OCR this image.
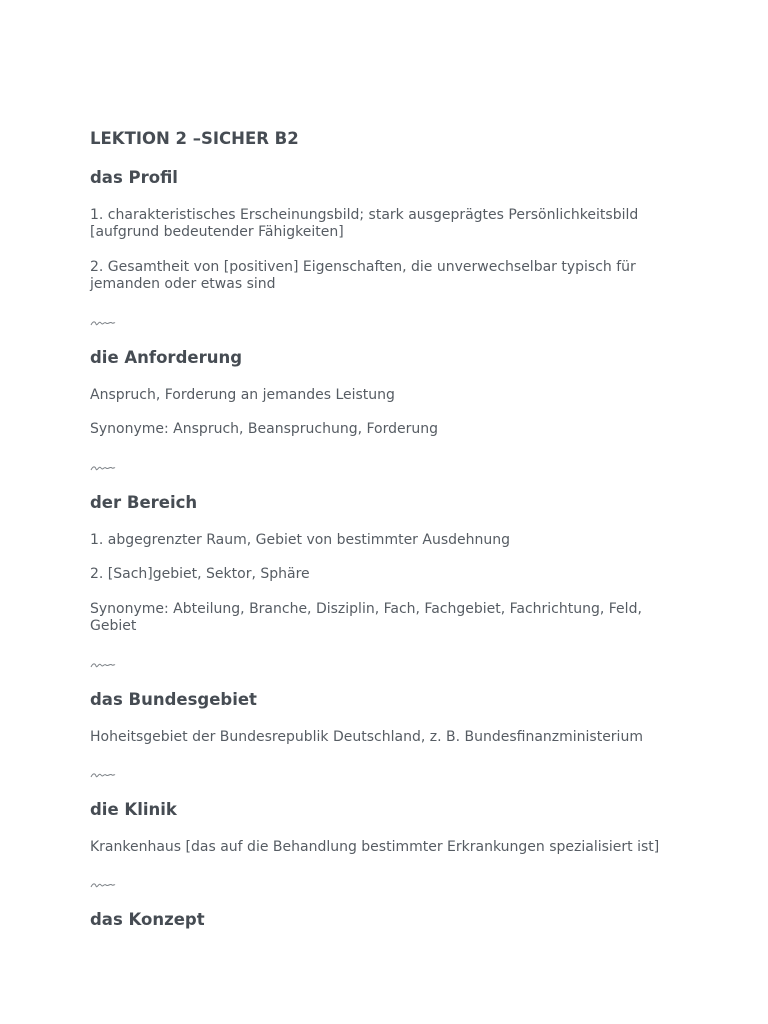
LEKTION 2 –SICHER B2
das Profil
1. charakteristisches Erscheinungsbild; stark ausgeprägtes Persönlichkeitsbild [aufgrund bedeutender Fähigkeiten]
2. Gesamtheit von [positiven] Eigenschaften, die unverwechselbar typisch für jemanden oder etwas sind
die Anforderung
Anspruch, Forderung an jemandes Leistung
Synonyme: Anspruch, Beanspruchung, Forderung
der Bereich
1. abgegrenzter Raum, Gebiet von bestimmter Ausdehnung
2. [Sach]gebiet, Sektor, Sphäre
Synonyme: Abteilung, Branche, Disziplin, Fach, Fachgebiet, Fachrichtung, Feld, Gebiet
das Bundesgebiet
Hoheitsgebiet der Bundesrepublik Deutschland, z. B. Bundesfinanzministerium
die Klinik
Krankenhaus [das auf die Behandlung bestimmter Erkrankungen spezialisiert ist]
das Konzept
